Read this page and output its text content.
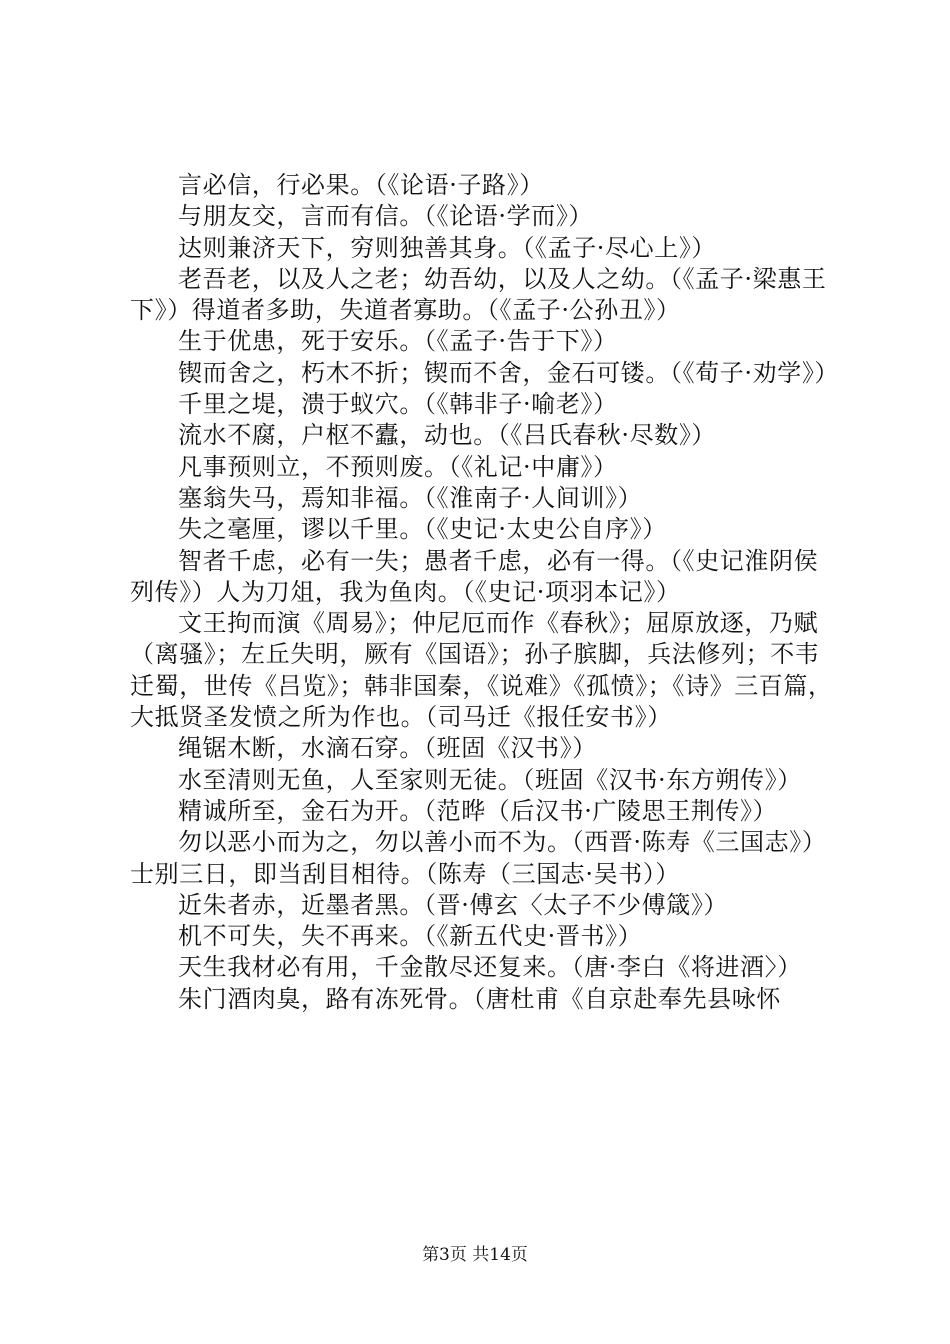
言必信，行必果。（《论语·子路》）

与朋友交，言而有信。（《论语·学而》）

达则兼济天下，穷则独善其身。（《孟子·尽心上》）

老吾老，以及人之老；幼吾幼，以及人之幼。（《孟子·梁惠王下》）得道者多助，失道者寡助。（《孟子·公孙丑》）

生于优患，死于安乐。（《孟子·告于下》）

锲而舍之，朽木不折；锲而不舍，金石可镂。（《荀子·劝学》）

千里之堤，溃于蚁穴。（《韩非子·喻老》）

流水不腐，户枢不蠹，动也。（《吕氏春秋·尽数》）

凡事预则立，不预则废。（《礼记·中庸》）

塞翁失马，焉知非福。（《淮南子·人间训》）

失之毫厘，谬以千里。（《史记·太史公自序》）

智者千虑，必有一失；愚者千虑，必有一得。（《史记淮阴侯列传》）人为刀俎，我为鱼肉。（《史记·项羽本记》）

文王拘而演《周易》；仲尼厄而作《春秋》；屈原放逐，乃赋（离骚》；左丘失明，厥有《国语》；孙子膑脚，兵法修列；不韦迁蜀，世传《吕览》；韩非国秦，《说难》《孤愤》；《诗》三百篇，大抵贤圣发愤之所为作也。（司马迁《报任安书》）

绳锯木断，水滴石穿。（班固《汉书》）

水至清则无鱼，人至家则无徒。（班固《汉书·东方朔传》）

精诚所至，金石为开。（范晔（后汉书·广陵思王荆传》）

勿以恶小而为之，勿以善小而不为。（西晋·陈寿《三国志》）士别三日，即当刮目相待。（陈寿（三国志·吴书））

近朱者赤，近墨者黑。（晋·傅玄〈太子不少傅箴》）

机不可失，失不再来。（《新五代史·晋书》）

天生我材必有用，千金散尽还复来。（唐·李白《将进酒〉）

朱门酒肉臭，路有冻死骨。（唐杜甫《自京赴奉先县咏怀

第3页 共14页
